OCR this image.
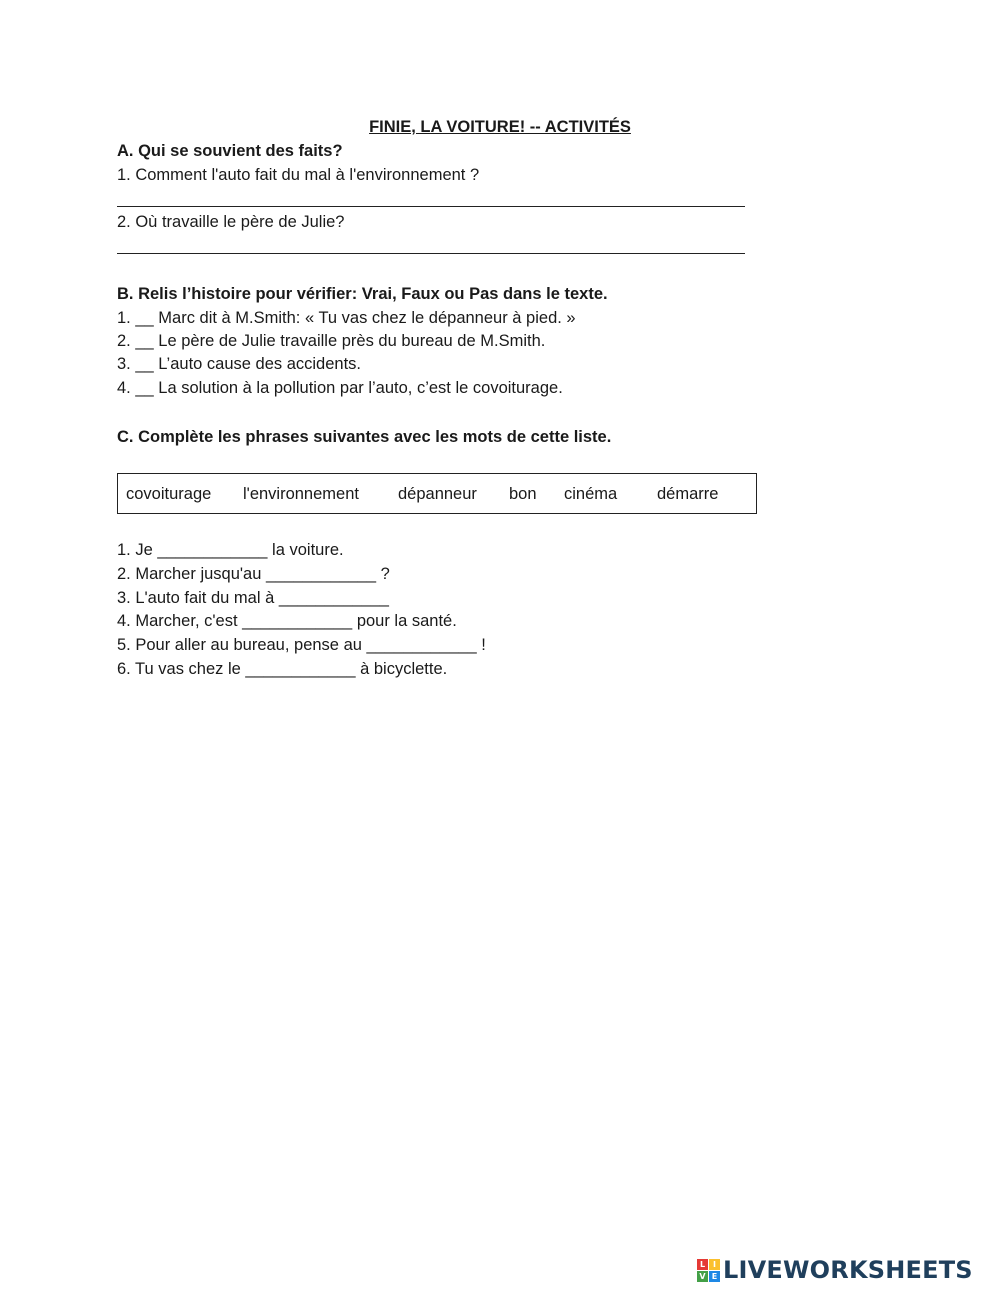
FINIE, LA VOITURE! -- ACTIVITÉS
A. Qui se souvient des faits?
1. Comment l'auto fait du mal à l'environnement ?
2. Où travaille le père de Julie?
B. Relis l’histoire pour vérifier: Vrai, Faux ou Pas dans le texte.
1. __ Marc dit à M.Smith: « Tu vas chez le dépanneur à pied. »
2. __ Le père de Julie travaille près du bureau de M.Smith.
3. __ L’auto cause des accidents.
4. __ La solution à la pollution par l’auto, c’est le covoiturage.
C. Complète les phrases suivantes avec les mots de cette liste.
covoiturage l'environnement dépanneur bon cinéma démarre
1. Je ____________ la voiture.
2. Marcher jusqu'au ____________ ?
3. L'auto fait du mal à ____________
4. Marcher, c'est ____________ pour la santé.
5. Pour aller au bureau, pense au ____________ !
6. Tu vas chez le ____________ à bicyclette.
L I
V E LIVEWORKSHEETS
